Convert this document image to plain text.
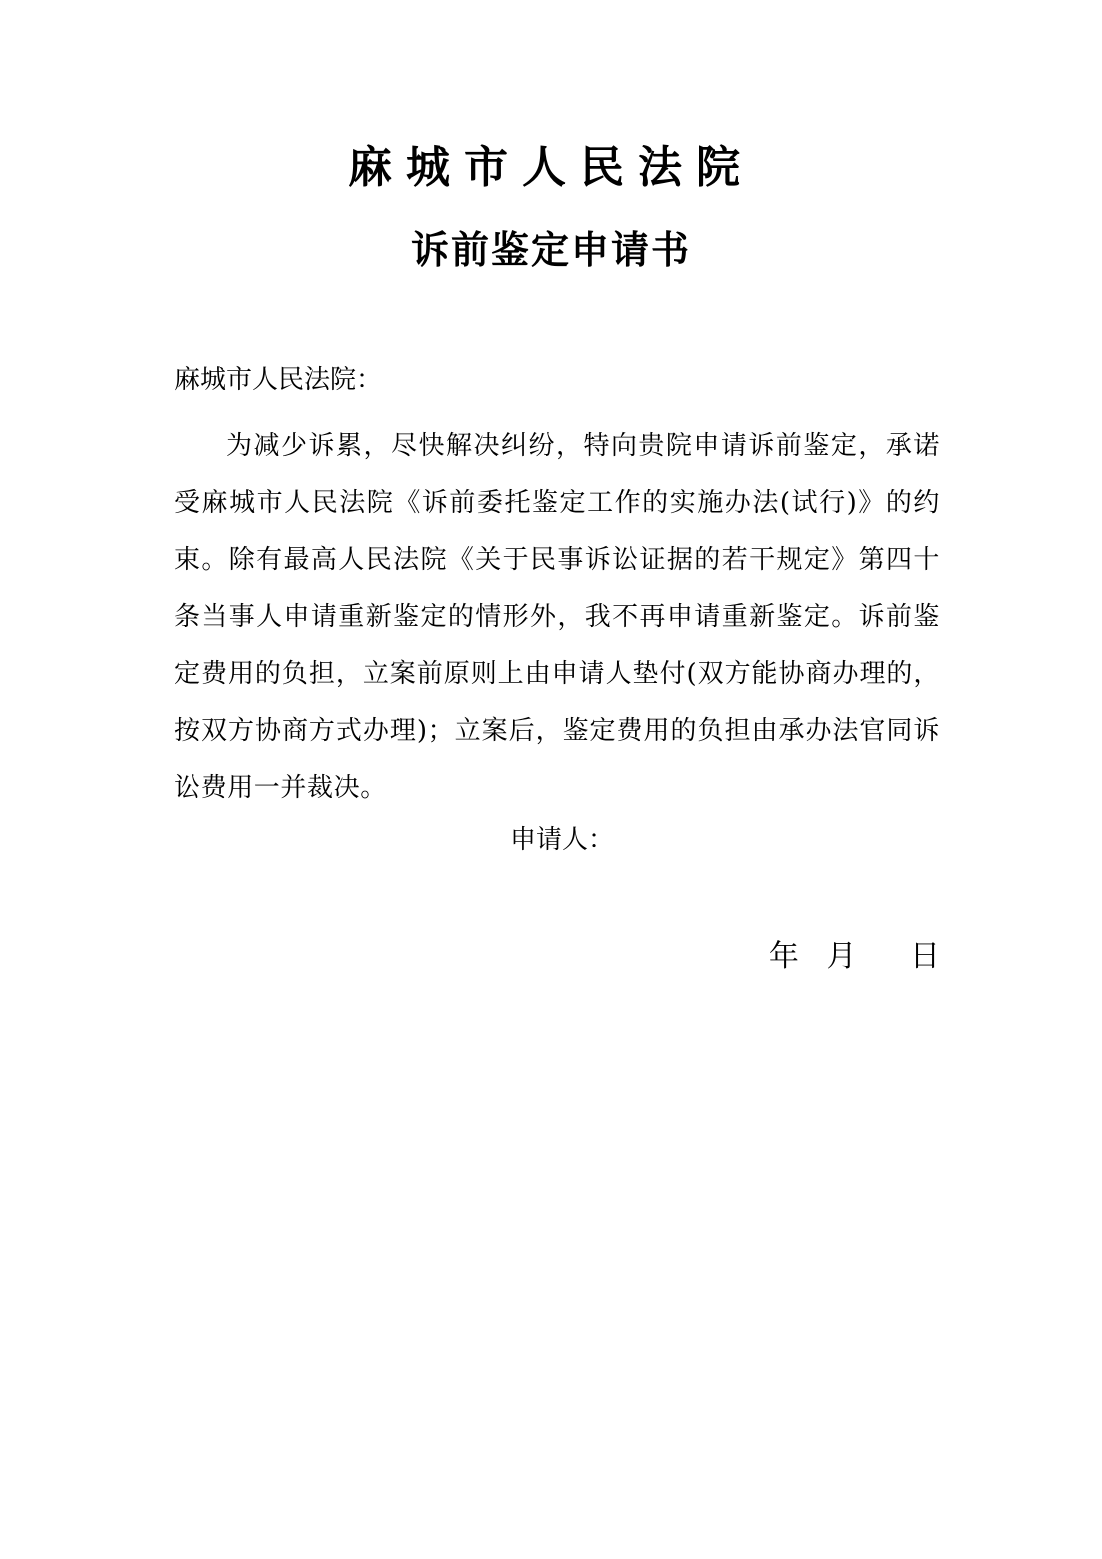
麻城市人民法院
诉前鉴定申请书

麻城市人民法院：

为减少诉累，尽快解决纠纷，特向贵院申请诉前鉴定，承诺受麻城市人民法院《诉前委托鉴定工作的实施办法(试行)》的约束。除有最高人民法院《关于民事诉讼证据的若干规定》第四十条当事人申请重新鉴定的情形外，我不再申请重新鉴定。诉前鉴定费用的负担，立案前原则上由申请人垫付(双方能协商办理的，按双方协商方式办理)；立案后，鉴定费用的负担由承办法官同诉讼费用一并裁决。

申请人：

年 月 日
